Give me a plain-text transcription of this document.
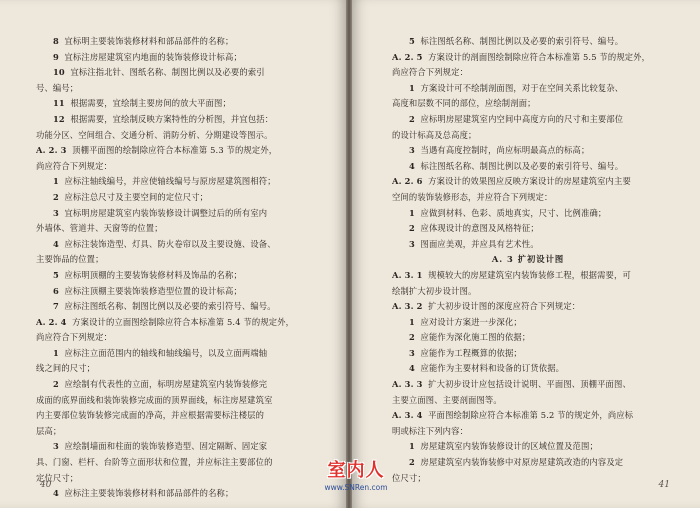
8 宜标明主要装饰装修材料和部品部件的名称；

9 宜标注房屋建筑室内地面的装饰装修设计标高；

10 宜标注指北针、图纸名称、制图比例以及必要的索引

号、编号；

11 根据需要，宜绘制主要房间的放大平面图；

12 根据需要，宜绘制反映方案特性的分析图，并宜包括：

功能分区、空间组合、交通分析、消防分析、分期建设等图示。

A. 2. 3 顶棚平面图的绘制除应符合本标准第 5.3 节的规定外，

尚应符合下列规定：

1 应标注轴线编号，并应使轴线编号与原房屋建筑图相符；

2 应标注总尺寸及主要空间的定位尺寸；

3 宜标明房屋建筑室内装饰装修设计调整过后的所有室内

外墙体、管道井、天窗等的位置；

4 应标注装饰造型、灯具、防火卷帘以及主要设施、设备、

主要饰品的位置；

5 应标明顶棚的主要装饰装修材料及饰品的名称；

6 应标注顶棚主要装饰装修造型位置的设计标高；

7 应标注图纸名称、制图比例以及必要的索引符号、编号。

A. 2. 4 方案设计的立面图绘制除应符合本标准第 5.4 节的规定外，

尚应符合下列规定：

1 应标注立面范围内的轴线和轴线编号，以及立面两端轴

线之间的尺寸；

2 应绘制有代表性的立面，标明房屋建筑室内装饰装修完

成面的底界面线和装饰装修完成面的顶界面线，标注房屋建筑室

内主要部位装饰装修完成面的净高，并应根据需要标注楼层的

层高；

3 应绘制墙面和柱面的装饰装修造型、固定隔断、固定家

具、门窗、栏杆、台阶等立面形状和位置，并应标注主要部位的

定位尺寸；

4 应标注主要装饰装修材料和部品部件的名称；

40

5 标注图纸名称、制图比例以及必要的索引符号、编号。

A. 2. 5 方案设计的剖面图绘制除应符合本标准第 5.5 节的规定外，

尚应符合下列规定：

1 方案设计可不绘制剖面图，对于在空间关系比较复杂、

高度和层数不同的部位，应绘制剖面；

2 应标明房屋建筑室内空间中高度方向的尺寸和主要部位

的设计标高及总高度；

3 当遇有高度控制时，尚应标明最高点的标高；

4 标注图纸名称、制图比例以及必要的索引符号、编号。

A. 2. 6 方案设计的效果图应反映方案设计的房屋建筑室内主要

空间的装饰装修形态，并应符合下列规定：

1 应做到材料、色彩、质地真实，尺寸、比例准确；

2 应体现设计的意图及风格特征；

3 图面应美观，并应具有艺术性。

A. 3 扩初设计图

A. 3. 1 规模较大的房屋建筑室内装饰装修工程，根据需要，可

绘制扩大初步设计图。

A. 3. 2 扩大初步设计图的深度应符合下列规定：

1 应对设计方案进一步深化；

2 应能作为深化施工图的依据；

3 应能作为工程概算的依据；

4 应能作为主要材料和设备的订货依据。

A. 3. 3 扩大初步设计应包括设计说明、平面图、顶棚平面图、

主要立面图、主要剖面图等。

A. 3. 4 平面图绘制除应符合本标准第 5.2 节的规定外，尚应标

明或标注下列内容：

1 房屋建筑室内装饰装修设计的区域位置及范围；

2 房屋建筑室内装饰装修中对原房屋建筑改造的内容及定

位尺寸；

41
室内人
www.SNRen.com
